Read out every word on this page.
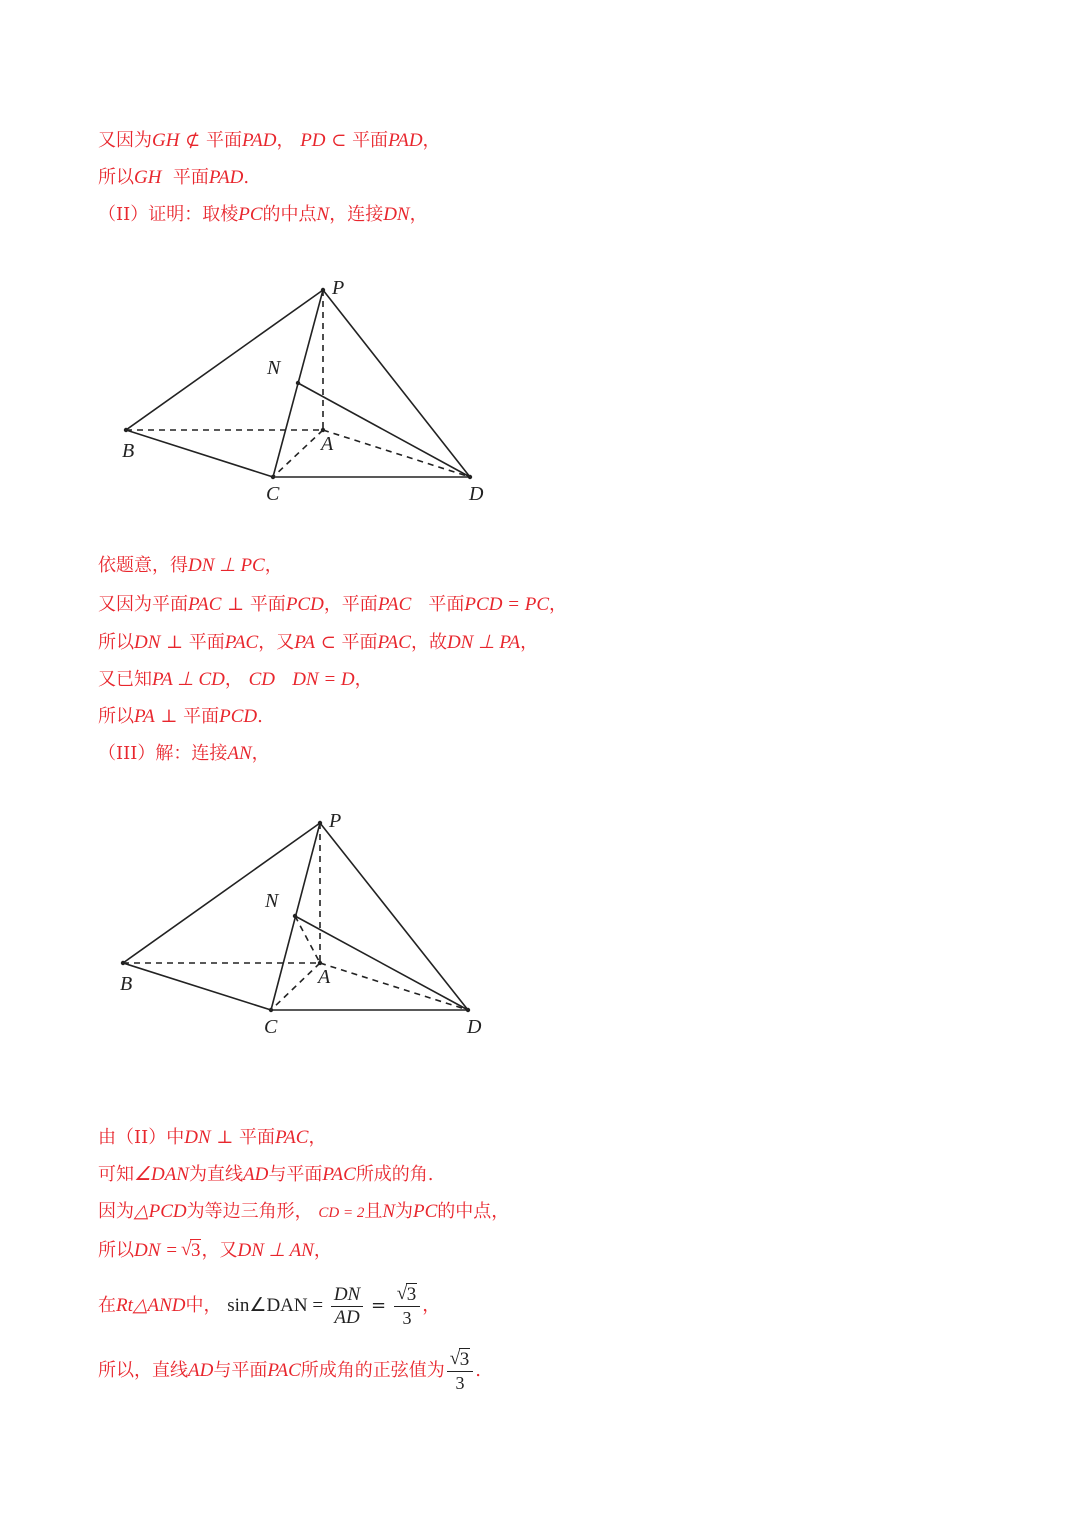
又因为GH ⊄ 平面PAD， PD ⊂ 平面PAD，
所以GH 平面PAD.
（II）证明：取棱PC的中点N，连接DN，
P
N
A
B
C	D
依题意，得DN ⊥ PC，
又因为平面PAC ⊥ 平面PCD，平面PAC   平面PCD = PC，
所以DN ⊥ 平面PAC，又PA ⊂ 平面PAC，故DN ⊥ PA，
又已知PA ⊥ CD， CD DN = D，
所以PA ⊥ 平面PCD.
（III）解：连接AN，
P
N
A
B
C	D
由（II）中DN ⊥ 平面PAC，
可知∠DAN为直线AD与平面PAC所成的角.
因为△PCD为等边三角形， CD = 2且N为PC的中点，
所以DN = √ 3，又DN ⊥ AN，
在Rt△AND中， sin∠DAN = $\frac{DN}{AD}$ = √ $\frac{3}{3}$ ，
所以，直线AD与平面PAC所成角的正弦值为 √ $\frac{3}{3}$ .
